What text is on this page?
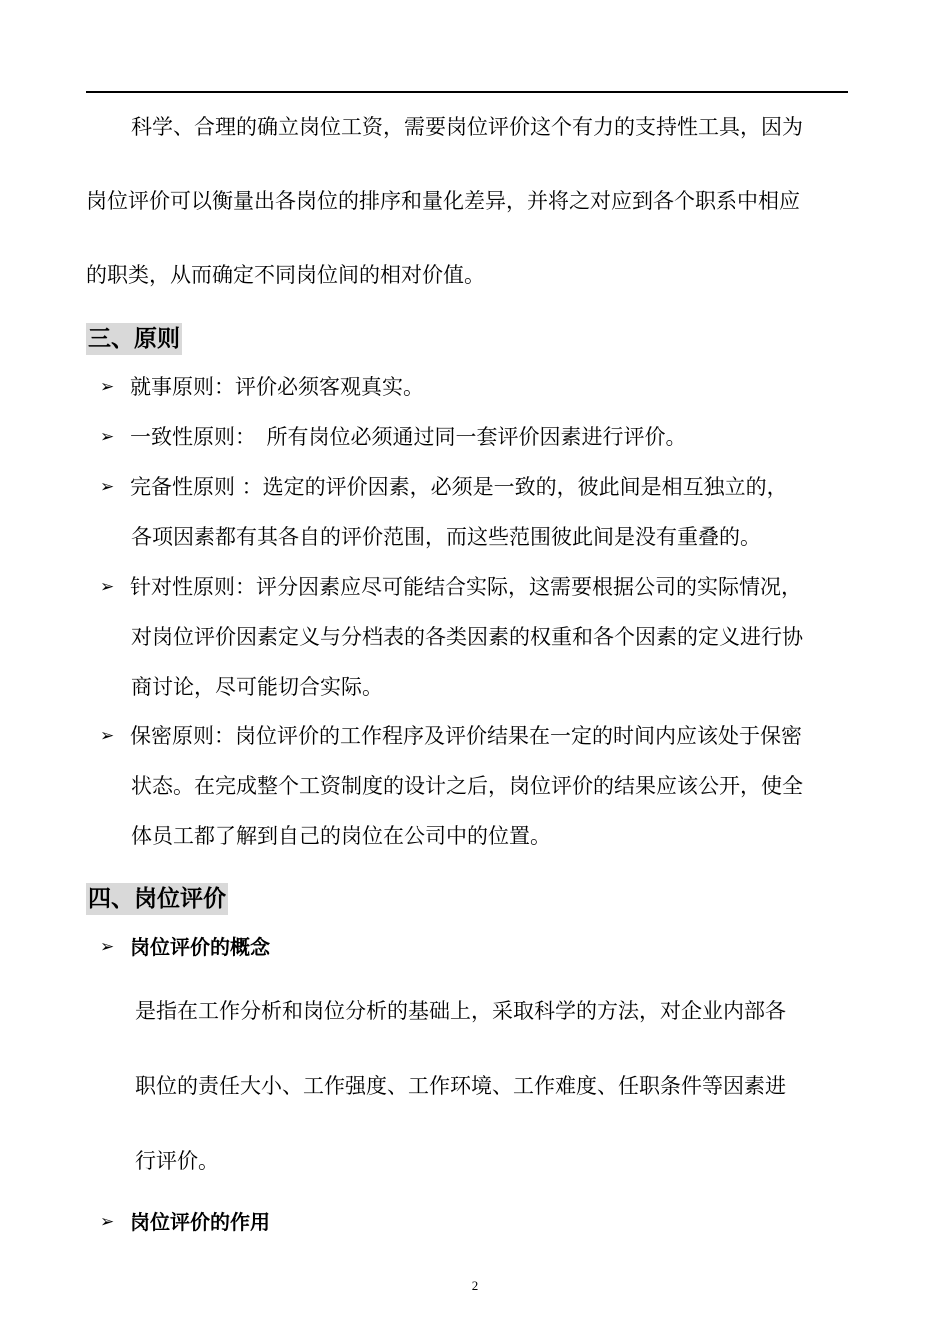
科学、合理的确立岗位工资，需要岗位评价这个有力的支持性工具，因为
岗位评价可以衡量出各岗位的排序和量化差异，并将之对应到各个职系中相应
的职类，从而确定不同岗位间的相对价值。
三、原则
➢ 就事原则：评价必须客观真实。
➢ 一致性原则：　所有岗位必须通过同一套评价因素进行评价。
➢ 完备性原则 ：选定的评价因素，必须是一致的，彼此间是相互独立的，
各项因素都有其各自的评价范围，而这些范围彼此间是没有重叠的。
➢ 针对性原则：评分因素应尽可能结合实际，这需要根据公司的实际情况，
对岗位评价因素定义与分档表的各类因素的权重和各个因素的定义进行协
商讨论，尽可能切合实际。
➢ 保密原则：岗位评价的工作程序及评价结果在一定的时间内应该处于保密
状态。在完成整个工资制度的设计之后，岗位评价的结果应该公开，使全
体员工都了解到自己的岗位在公司中的位置。
四、岗位评价
➢ 岗位评价的概念
是指在工作分析和岗位分析的基础上，采取科学的方法，对企业内部各
职位的责任大小、工作强度、工作环境、工作难度、任职条件等因素进
行评价。
➢ 岗位评价的作用
2
